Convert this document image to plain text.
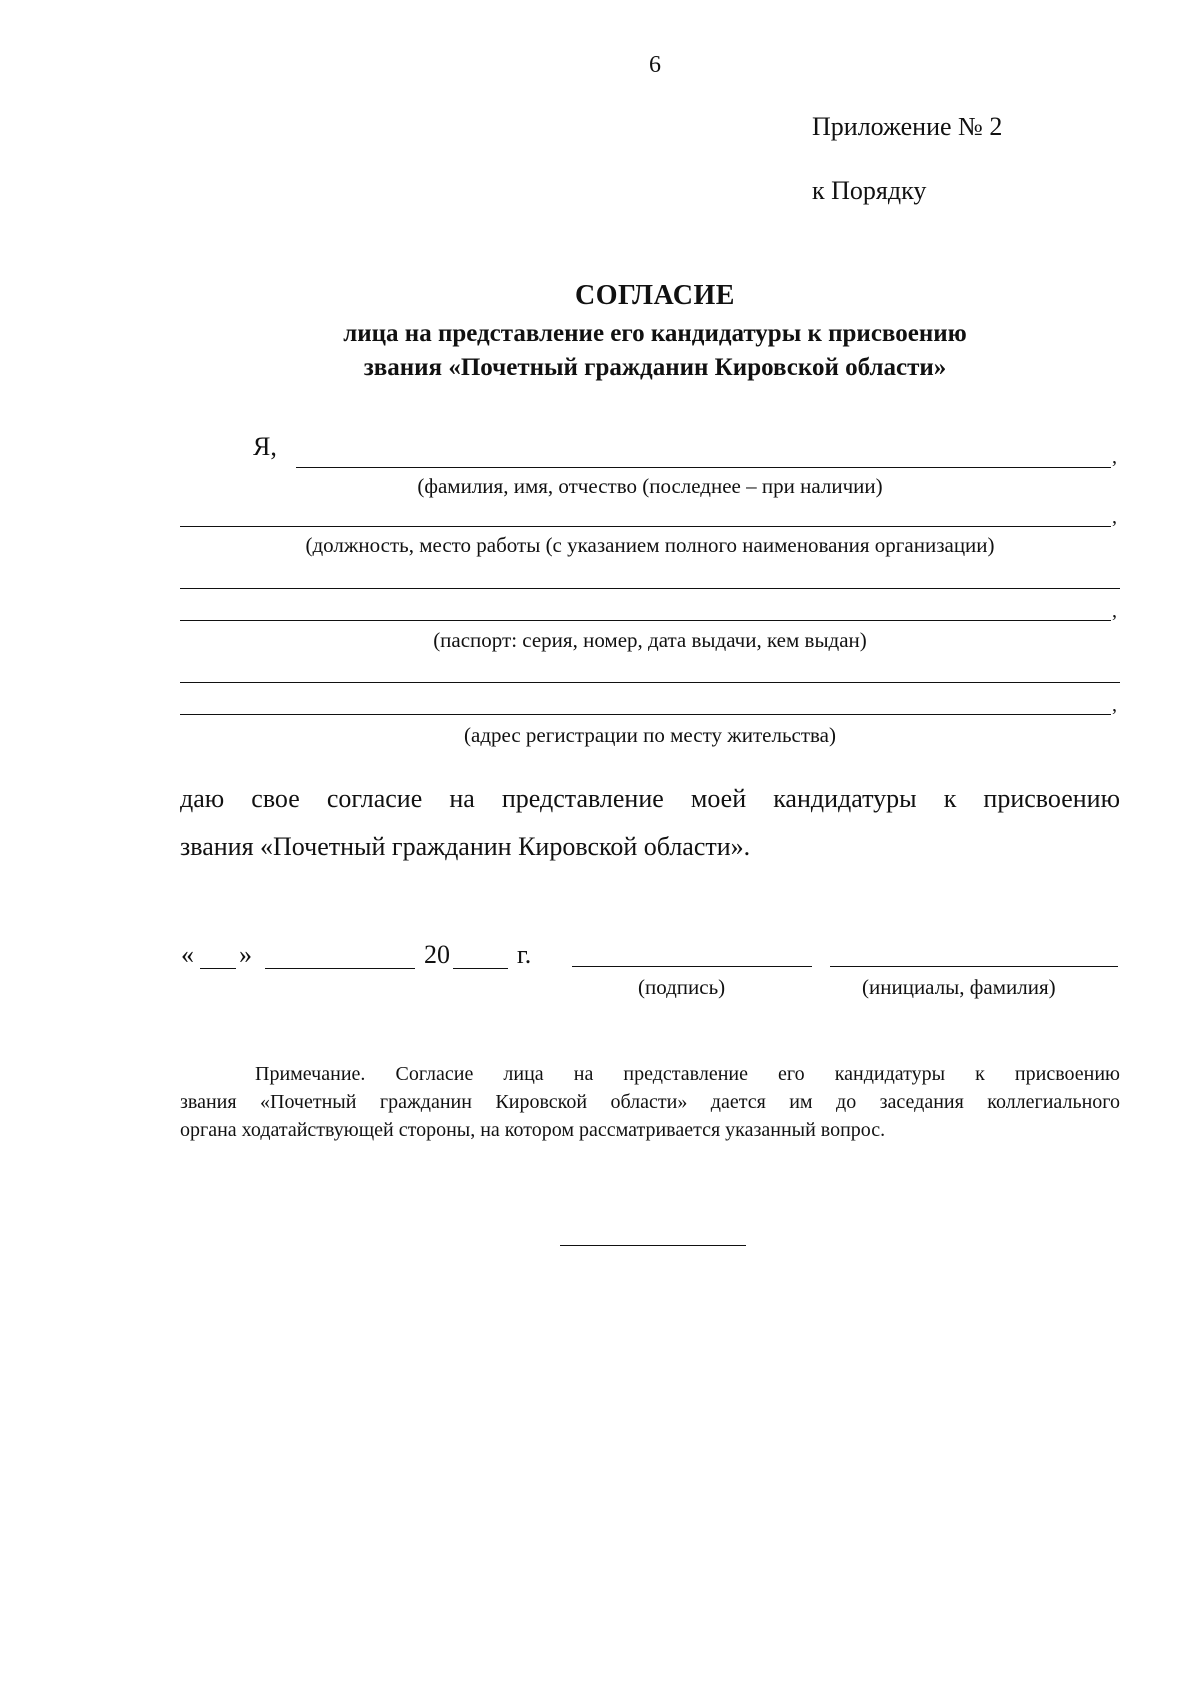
6
Приложение № 2
к Порядку
СОГЛАСИЕ
лица на представление его кандидатуры к присвоению
звания «Почетный гражданин Кировской области»
Я,	,
(фамилия, имя, отчество (последнее – при наличии)
,
(должность, место работы (с указанием полного наименования организации)
,
(паспорт: серия, номер, дата выдачи, кем выдан)
,
(адрес регистрации по месту жительства)
даю свое согласие на представление моей кандидатуры к присвоению
звания «Почетный гражданин Кировской области».
« »	20	г.
(подпись)	(инициалы, фамилия)
Примечание. Согласие лица на представление его кандидатуры к присвоению
звания «Почетный гражданин Кировской области» дается им до заседания коллегиального
органа ходатайствующей стороны, на котором рассматривается указанный вопрос.
